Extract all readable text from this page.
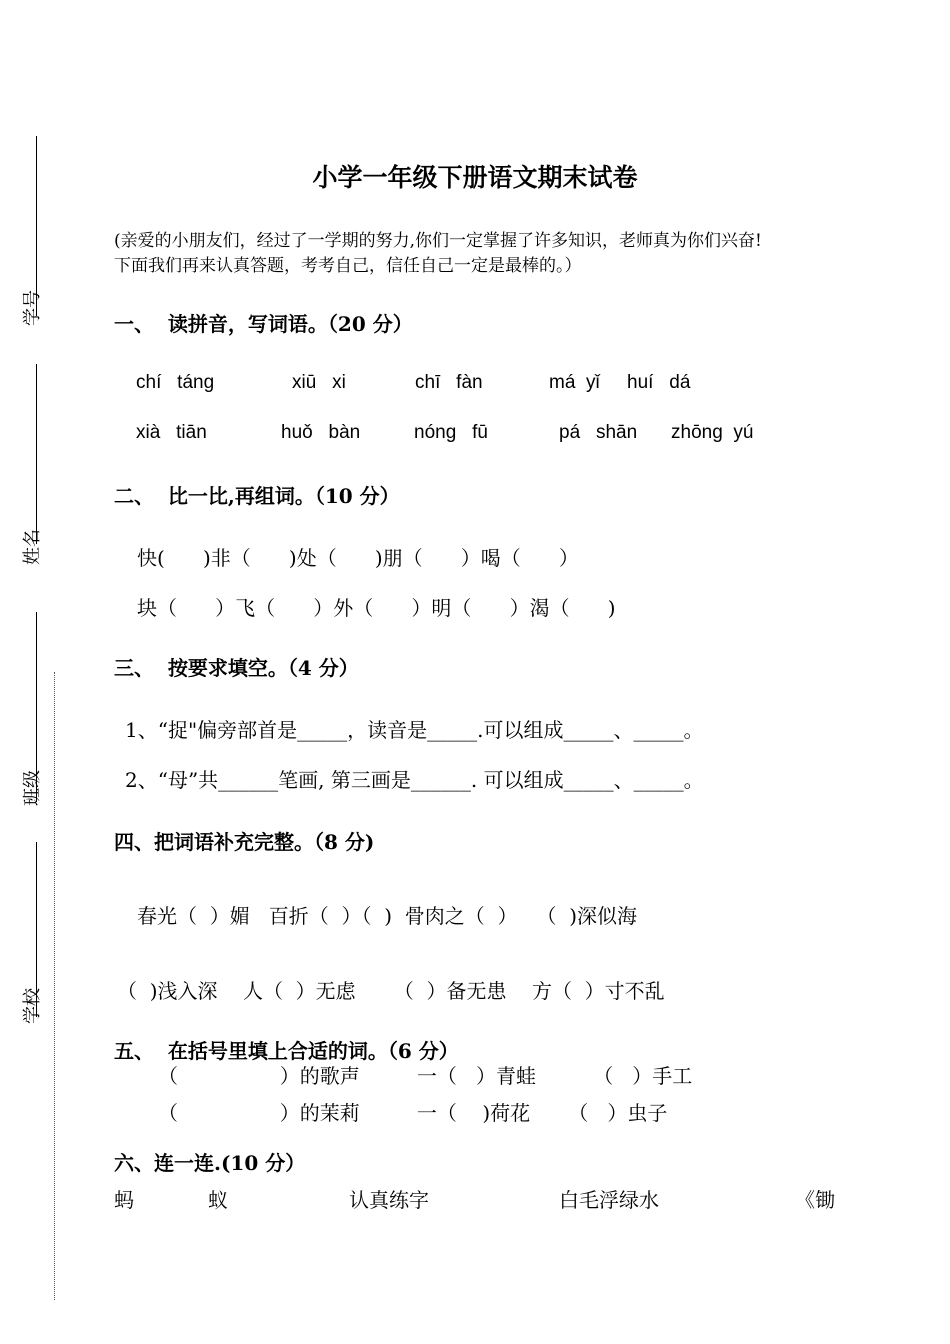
学号
姓名
班级
学校
小学一年级下册语文期末试卷
(亲爱的小朋友们，经过了一学期的努力,你们一定掌握了许多知识，老师真为你们兴奋!
下面我们再来认真答题，考考自己，信任自己一定是最棒的。）
一、  读拼音，写词语。（20 分）
chí   táng	xiū   xi	chī   fàn	má  yǐ huí   dá
xià   tiān	huǒ   bàn	nóng   fū	pá   shān zhōng  yú
二、  比一比,再组词。（10 分）
快(      )非（      )处（      )朋（      ）喝（      ）
块（      ）飞（      ）外（      ）明（      ）渴（      )
三、  按要求填空。（4 分）
1、“捉"偏旁部首是_____，读音是_____.可以组成_____、_____。
2、“母”共______笔画, 第三画是______. 可以组成_____、_____。
四、把词语补充完整。（8 分)
春光（  ）媚   百折（  ）（  )  骨肉之（  ）   （  )深似海
（  )浅入深    人（  ）无虑      （  ）备无患    方（  ）寸不乱
五、  在括号里填上合适的词。（6 分）
（                ）的歌声         一（   ）青蛙         （   ）手工
（                ）的茉莉         一（    )荷花      （   ）虫子
六、连一连.(10 分）
蚂	蚁	认真练字	白毛浮绿水	《锄
